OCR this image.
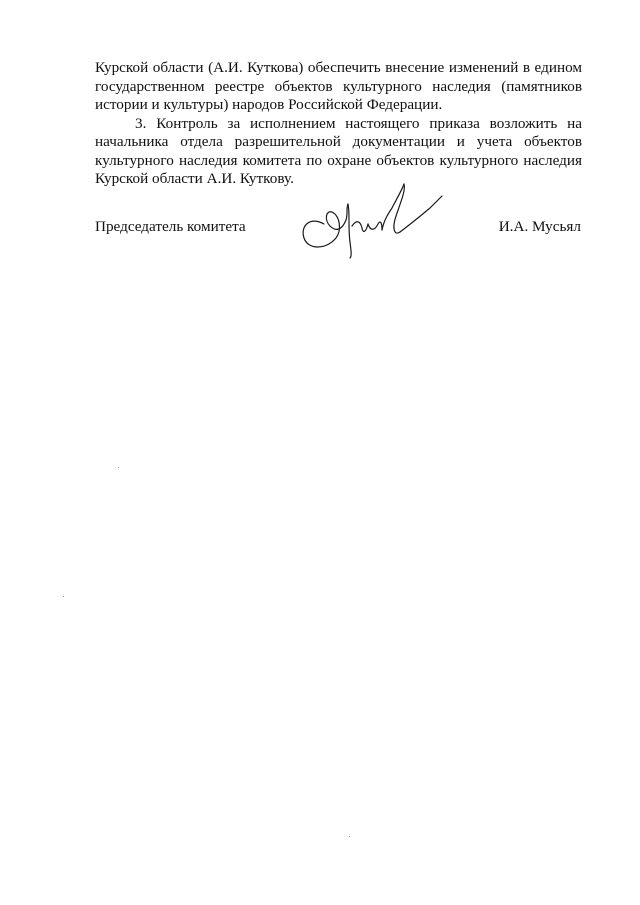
Курской области (А.И. Куткова) обеспечить внесение изменений в едином государственном реестре объектов культурного наследия (памятников истории и культуры) народов Российской Федерации.

3. Контроль за исполнением настоящего приказа возложить на начальника отдела разрешительной документации и учета объектов культурного наследия комитета по охране объектов культурного наследия Курской области А.И. Куткову.

Председатель комитета	И.А. Мусьял
